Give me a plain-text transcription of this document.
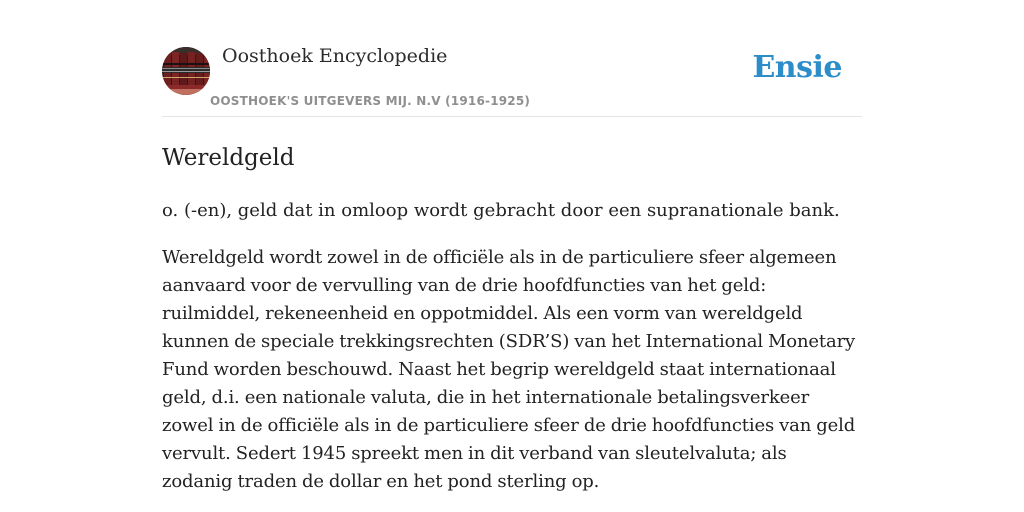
Oosthoek Encyclopedie
OOSTHOEK'S UITGEVERS MIJ. N.V (1916-1925)
Ensie
Wereldgeld

o. (-en), geld dat in omloop wordt gebracht door een supranationale bank.

Wereldgeld wordt zowel in de officiële als in de particuliere sfeer algemeen aanvaard voor de vervulling van de drie hoofdfuncties van het geld: ruilmiddel, rekeneenheid en oppotmiddel. Als een vorm van wereldgeld kunnen de speciale trekkingsrechten (SDR’S) van het International Monetary Fund worden beschouwd. Naast het begrip wereldgeld staat internationaal geld, d.i. een nationale valuta, die in het internationale betalingsverkeer zowel in de officiële als in de particuliere sfeer de drie hoofdfuncties van geld vervult. Sedert 1945 spreekt men in dit verband van sleutelvaluta; als zodanig traden de dollar en het pond sterling op.
